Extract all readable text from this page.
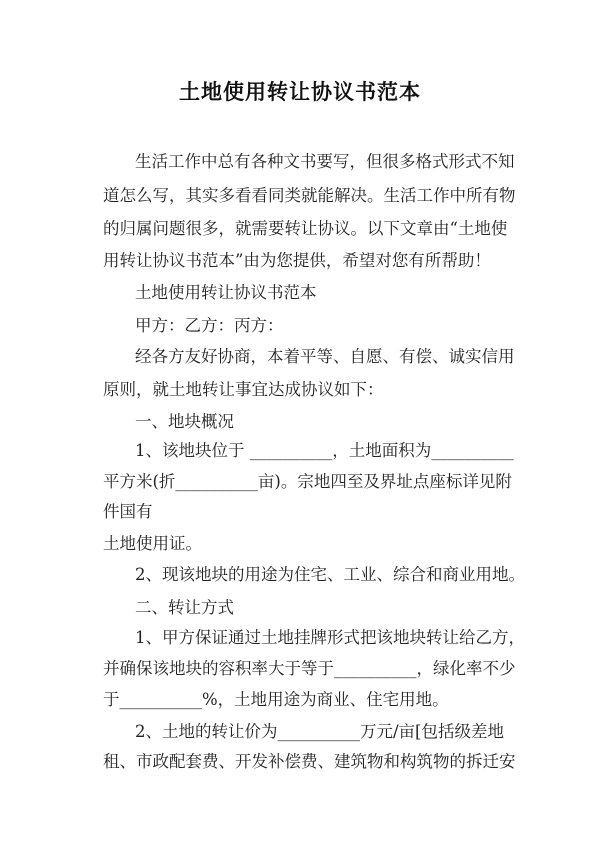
土地使用转让协议书范本
生活工作中总有各种文书要写，但很多格式形式不知
道怎么写，其实多看看同类就能解决。生活工作中所有物
的归属问题很多，就需要转让协议。以下文章由“土地使
用转让协议书范本”由为您提供，希望对您有所帮助！
土地使用转让协议书范本
甲方：乙方：丙方：
经各方友好协商，本着平等、自愿、有偿、诚实信用
原则，就土地转让事宜达成协议如下：
一、地块概况
1、该地块位于 __________，土地面积为__________
平方米(折__________亩)。宗地四至及界址点座标详见附
件国有
土地使用证。
2、现该地块的用途为住宅、工业、综合和商业用地。
二、转让方式
1、甲方保证通过土地挂牌形式把该地块转让给乙方，
并确保该地块的容积率大于等于__________，绿化率不少
于__________%，土地用途为商业、住宅用地。
2、土地的转让价为__________万元/亩[包括级差地
租、市政配套费、开发补偿费、建筑物和构筑物的拆迁安
